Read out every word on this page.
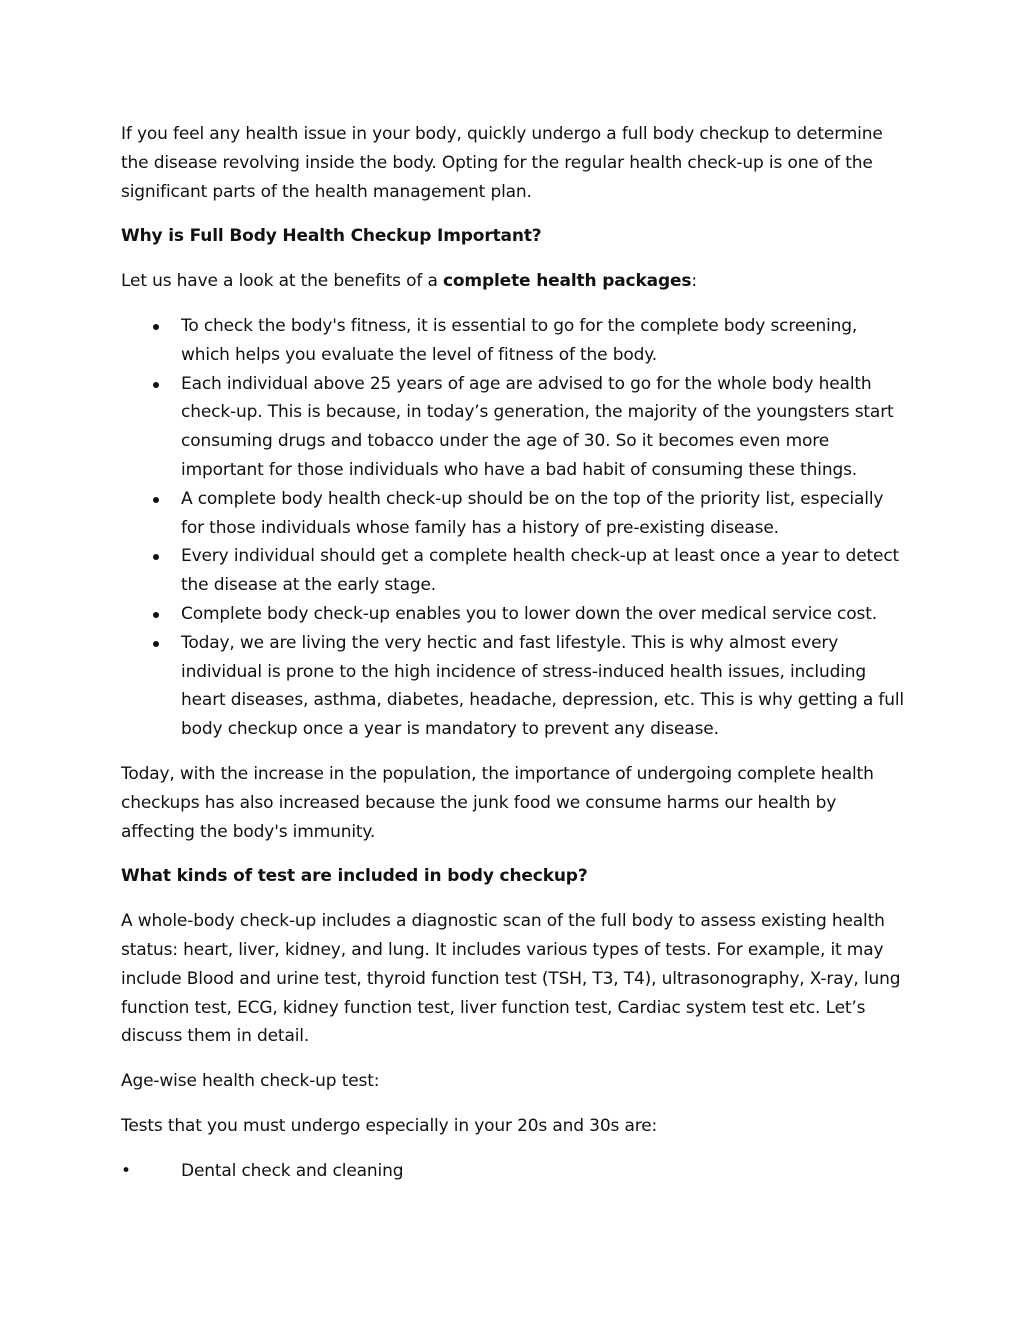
If you feel any health issue in your body, quickly undergo a full body checkup to determine the disease revolving inside the body. Opting for the regular health check-up is one of the significant parts of the health management plan.

Why is Full Body Health Checkup Important?

Let us have a look at the benefits of a complete health packages:

To check the body's fitness, it is essential to go for the complete body screening, which helps you evaluate the level of fitness of the body.
Each individual above 25 years of age are advised to go for the whole body health check-up. This is because, in today’s generation, the majority of the youngsters start consuming drugs and tobacco under the age of 30. So it becomes even more important for those individuals who have a bad habit of consuming these things.
A complete body health check-up should be on the top of the priority list, especially for those individuals whose family has a history of pre-existing disease.
Every individual should get a complete health check-up at least once a year to detect the disease at the early stage.
Complete body check-up enables you to lower down the over medical service cost.
Today, we are living the very hectic and fast lifestyle. This is why almost every individual is prone to the high incidence of stress-induced health issues, including heart diseases, asthma, diabetes, headache, depression, etc. This is why getting a full body checkup once a year is mandatory to prevent any disease.

Today, with the increase in the population, the importance of undergoing complete health checkups has also increased because the junk food we consume harms our health by affecting the body's immunity.

What kinds of test are included in body checkup?

A whole-body check-up includes a diagnostic scan of the full body to assess existing health status: heart, liver, kidney, and lung. It includes various types of tests. For example, it may include Blood and urine test, thyroid function test (TSH, T3, T4), ultrasonography, X-ray, lung function test, ECG, kidney function test, liver function test, Cardiac system test etc. Let’s discuss them in detail.

Age-wise health check-up test:

Tests that you must undergo especially in your 20s and 30s are:

•	Dental check and cleaning
